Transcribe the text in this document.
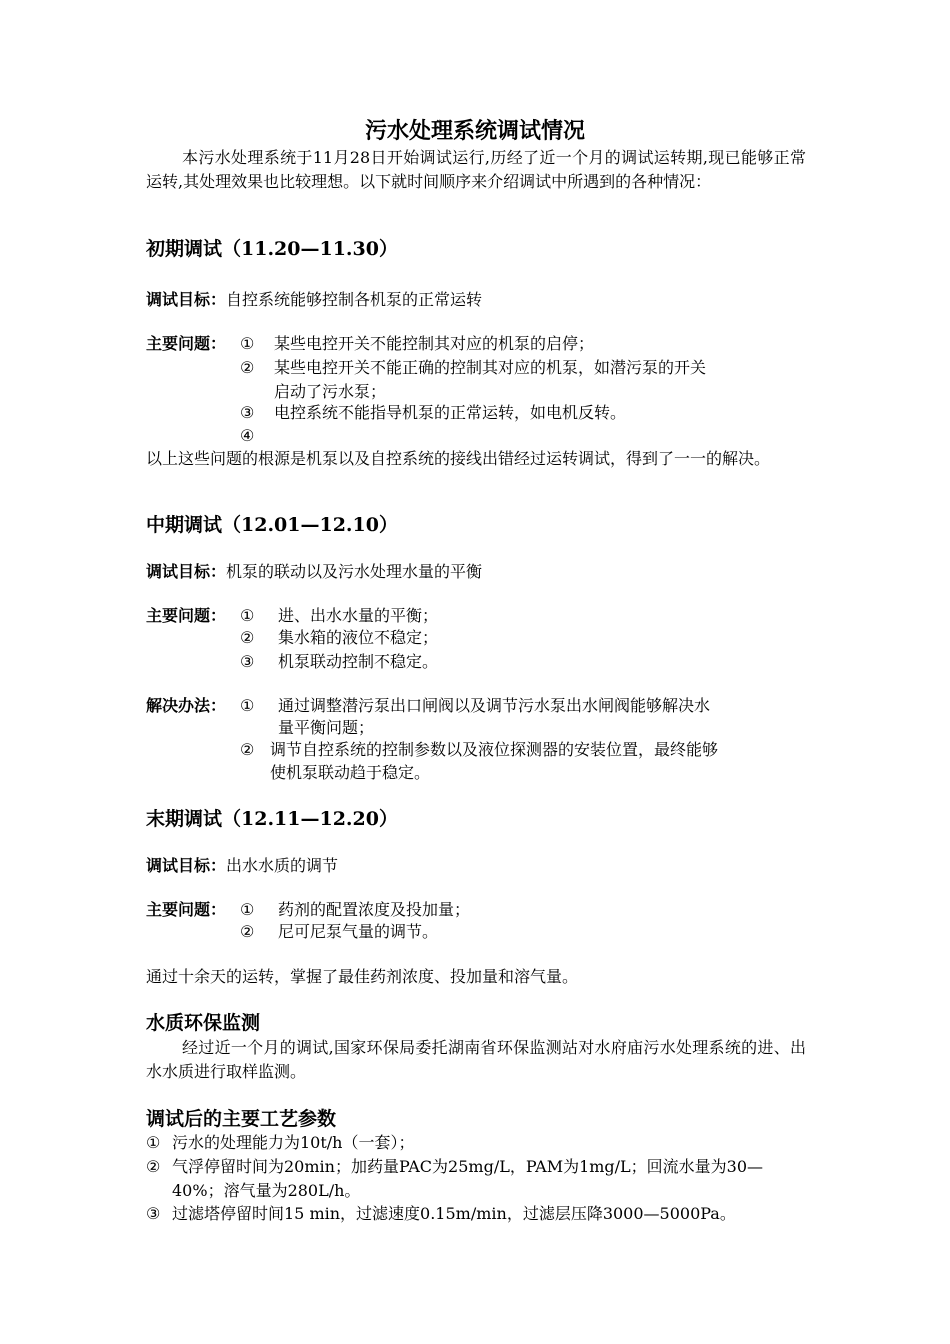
污水处理系统调试情况
本污水处理系统于11月28日开始调试运行,历经了近一个月的调试运转期,现已能够正常运转,其处理效果也比较理想。以下就时间顺序来介绍调试中所遇到的各种情况：
初期调试（11.20—11.30）
调试目标：自控系统能够控制各机泵的正常运转
主要问题： ①	某些电控开关不能控制其对应的机泵的启停；
②	某些电控开关不能正确的控制其对应的机泵，如潜污泵的开关
启动了污水泵；
③	电控系统不能指导机泵的正常运转，如电机反转。
④
以上这些问题的根源是机泵以及自控系统的接线出错经过运转调试，得到了一一的解决。
中期调试（12.01—12.10）
调试目标：机泵的联动以及污水处理水量的平衡
主要问题： ①	进、出水水量的平衡；
②	集水箱的液位不稳定；
③	机泵联动控制不稳定。
解决办法： ①	通过调整潜污泵出口闸阀以及调节污水泵出水闸阀能够解决水
量平衡问题；
② 调节自控系统的控制参数以及液位探测器的安装位置，最终能够
使机泵联动趋于稳定。
末期调试（12.11—12.20）
调试目标：出水水质的调节
主要问题： ①	药剂的配置浓度及投加量；
②	尼可尼泵气量的调节。
通过十余天的运转，掌握了最佳药剂浓度、投加量和溶气量。
水质环保监测
经过近一个月的调试,国家环保局委托湖南省环保监测站对水府庙污水处理系统的进、出水水质进行取样监测。
调试后的主要工艺参数
① 污水的处理能力为10t/h（一套）；
② 气浮停留时间为20min；加药量PAC为25mg/L，PAM为1mg/L；回流水量为30—40%；溶气量为280L/h。
③ 过滤塔停留时间15 min，过滤速度0.15m/min，过滤层压降3000—5000Pa。
